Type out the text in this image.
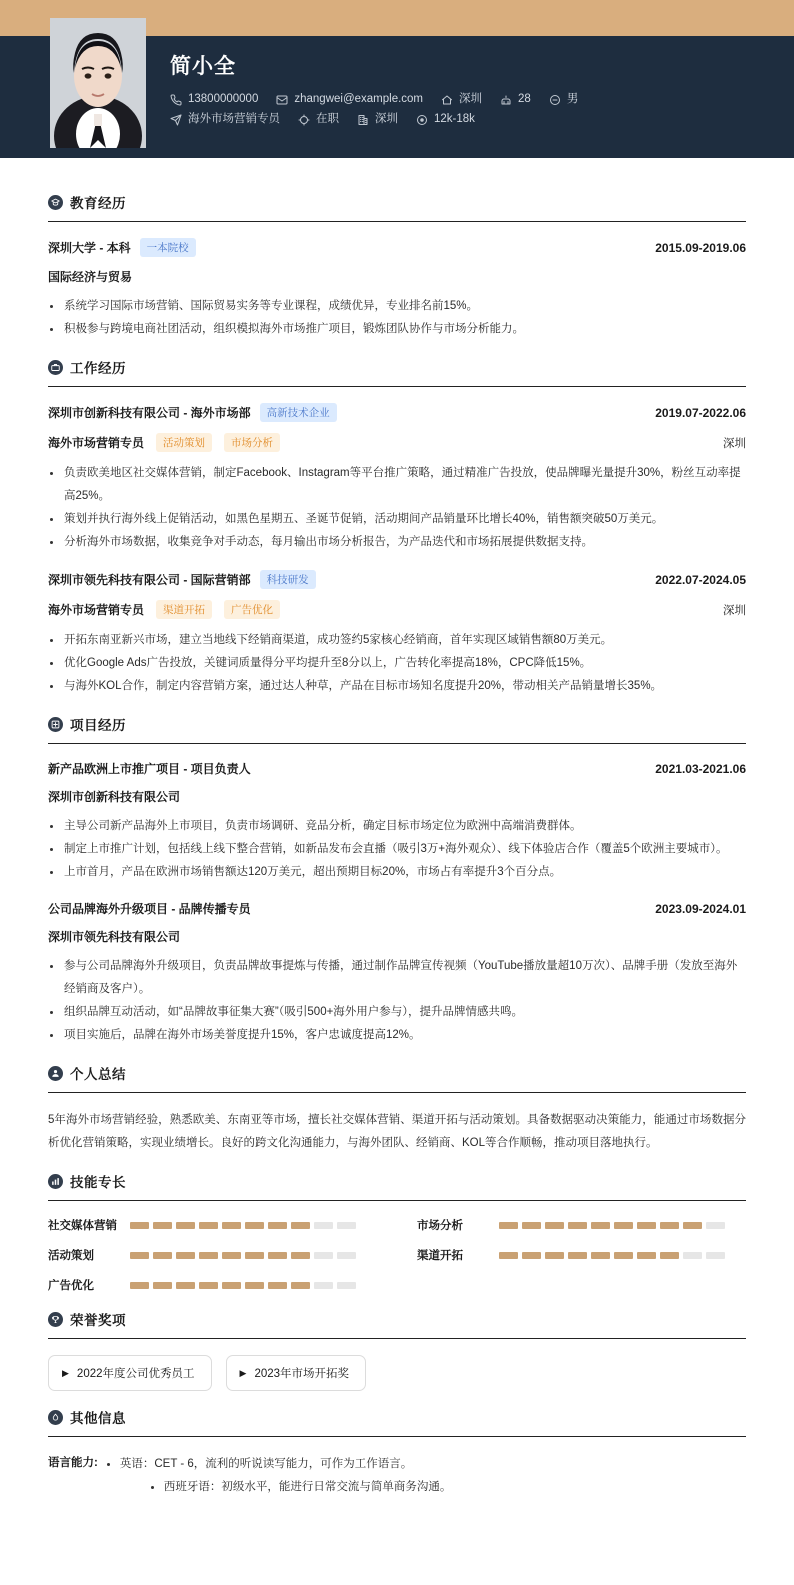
简小全
13800000000	zhangwei@example.com	深圳	28	男
海外市场营销专员	在职	深圳	12k-18k
教育经历
深圳大学 - 本科	一本院校	2015.09-2019.06
国际经济与贸易
系统学习国际市场营销、国际贸易实务等专业课程，成绩优异，专业排名前15%。
积极参与跨境电商社团活动，组织模拟海外市场推广项目，锻炼团队协作与市场分析能力。
工作经历
深圳市创新科技有限公司 - 海外市场部	高新技术企业	2019.07-2022.06
海外市场营销专员	活动策划	市场分析	深圳
负责欧美地区社交媒体营销，制定Facebook、Instagram等平台推广策略，通过精准广告投放，使品牌曝光量提升30%，粉丝互动率提高25%。
策划并执行海外线上促销活动，如黑色星期五、圣诞节促销，活动期间产品销量环比增长40%，销售额突破50万美元。
分析海外市场数据，收集竞争对手动态，每月输出市场分析报告，为产品迭代和市场拓展提供数据支持。
深圳市领先科技有限公司 - 国际营销部	科技研发	2022.07-2024.05
海外市场营销专员	渠道开拓	广告优化	深圳
开拓东南亚新兴市场，建立当地线下经销商渠道，成功签约5家核心经销商，首年实现区域销售额80万美元。
优化Google Ads广告投放，关键词质量得分平均提升至8分以上，广告转化率提高18%，CPC降低15%。
与海外KOL合作，制定内容营销方案，通过达人种草，产品在目标市场知名度提升20%，带动相关产品销量增长35%。
项目经历
新产品欧洲上市推广项目 - 项目负责人	2021.03-2021.06
深圳市创新科技有限公司
主导公司新产品海外上市项目，负责市场调研、竞品分析，确定目标市场定位为欧洲中高端消费群体。
制定上市推广计划，包括线上线下整合营销，如新品发布会直播（吸引3万+海外观众）、线下体验店合作（覆盖5个欧洲主要城市）。
上市首月，产品在欧洲市场销售额达120万美元，超出预期目标20%，市场占有率提升3个百分点。
公司品牌海外升级项目 - 品牌传播专员	2023.09-2024.01
深圳市领先科技有限公司
参与公司品牌海外升级项目，负责品牌故事提炼与传播，通过制作品牌宣传视频（YouTube播放量超10万次）、品牌手册（发放至海外经销商及客户）。
组织品牌互动活动，如“品牌故事征集大赛”（吸引500+海外用户参与），提升品牌情感共鸣。
项目实施后，品牌在海外市场美誉度提升15%，客户忠诚度提高12%。
个人总结
5年海外市场营销经验，熟悉欧美、东南亚等市场，擅长社交媒体营销、渠道开拓与活动策划。具备数据驱动决策能力，能通过市场数据分析优化营销策略，实现业绩增长。良好的跨文化沟通能力，与海外团队、经销商、KOL等合作顺畅，推动项目落地执行。
技能专长
社交媒体营销	市场分析
活动策划	渠道开拓
广告优化
荣誉奖项
▶ 2022年度公司优秀员工	▶ 2023年市场开拓奖
其他信息
语言能力:	英语：CET - 6，流利的听说读写能力，可作为工作语言。
西班牙语：初级水平，能进行日常交流与简单商务沟通。
